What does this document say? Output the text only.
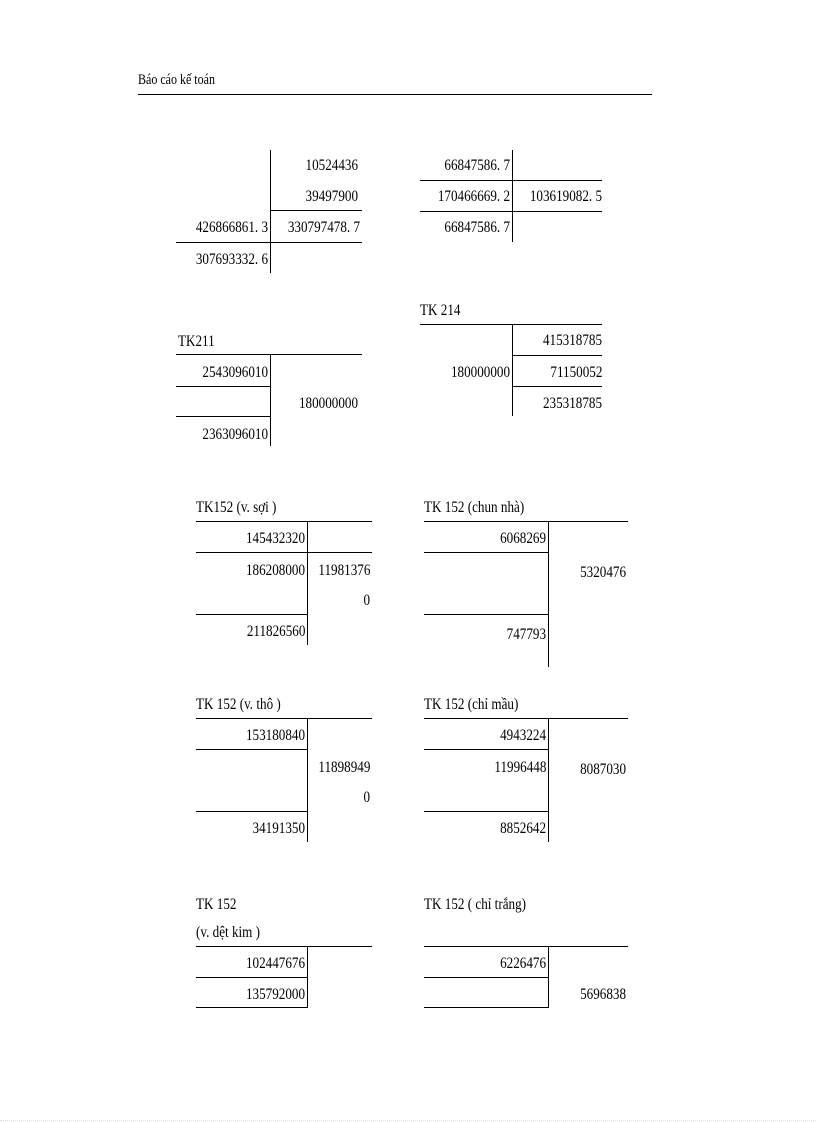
Báo cáo kế toán
10524436
39497900
426866861. 3 330797478. 7
307693332. 6
66847586. 7
170466669. 2 103619082. 5
66847586. 7
TK211
2543096010
180000000
2363096010
TK 214
415318785
180000000	71150052
235318785
TK152 (v. sợi )
145432320
186208000 11981376
0
211826560
TK 152 (chun nhà)
6068269
5320476
747793
TK 152 (v. thô )
153180840
11898949
0
34191350
TK 152 (chỉ mầu)
4943224
11996448 8087030
8852642
TK 152
(v. dệt kim )
102447676
135792000
TK 152 ( chỉ trắng)
6226476
5696838
